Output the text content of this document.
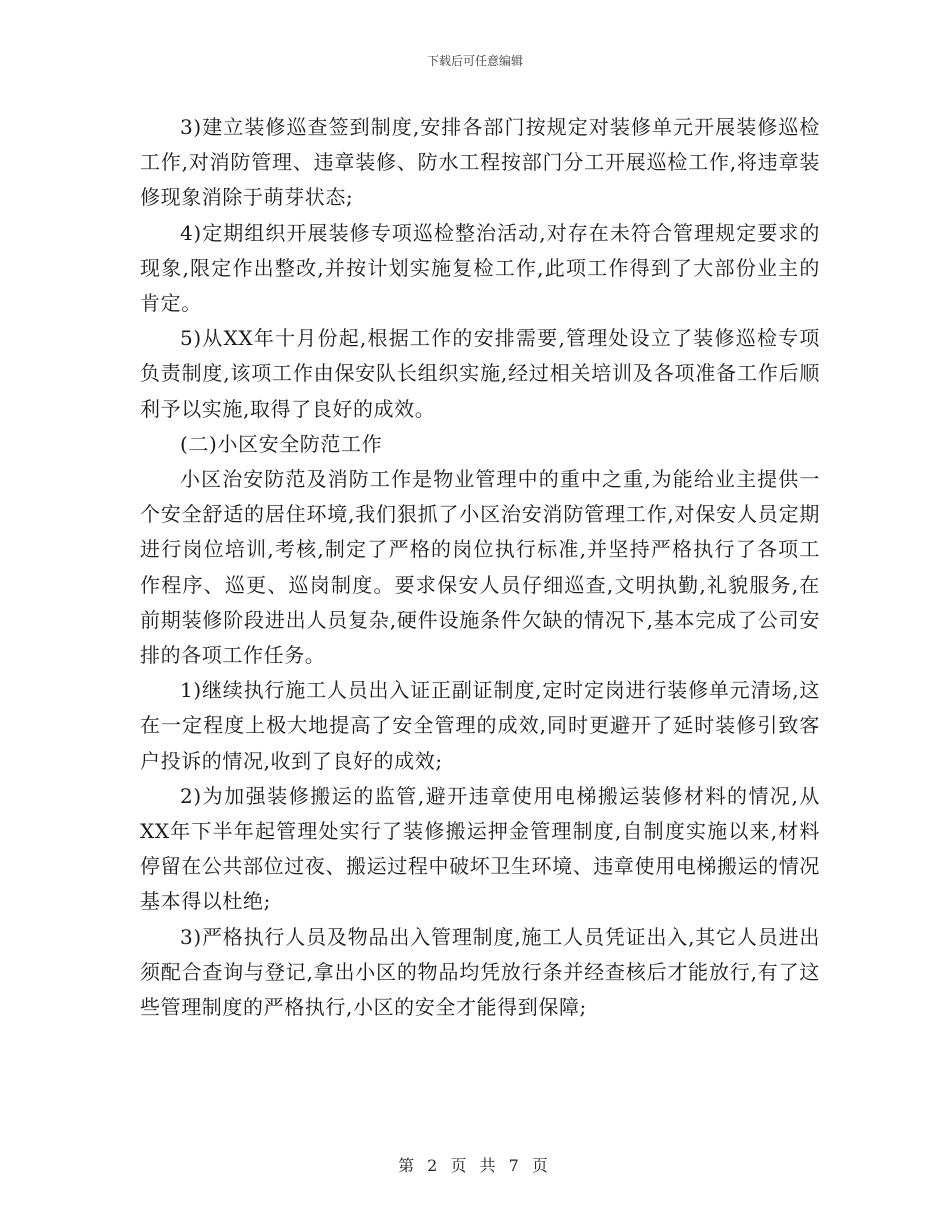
下载后可任意编辑

3)建立装修巡查签到制度,安排各部门按规定对装修单元开展装修巡检工作,对消防管理、违章装修、防水工程按部门分工开展巡检工作,将违章装修现象消除于萌芽状态;

4)定期组织开展装修专项巡检整治活动,对存在未符合管理规定要求的现象,限定作出整改,并按计划实施复检工作,此项工作得到了大部份业主的肯定。

5)从XX年十月份起,根据工作的安排需要,管理处设立了装修巡检专项负责制度,该项工作由保安队长组织实施,经过相关培训及各项准备工作后顺利予以实施,取得了良好的成效。

(二)小区安全防范工作

小区治安防范及消防工作是物业管理中的重中之重,为能给业主提供一个安全舒适的居住环境,我们狠抓了小区治安消防管理工作,对保安人员定期进行岗位培训,考核,制定了严格的岗位执行标准,并坚持严格执行了各项工作程序、巡更、巡岗制度。要求保安人员仔细巡查,文明执勤,礼貌服务,在前期装修阶段进出人员复杂,硬件设施条件欠缺的情况下,基本完成了公司安排的各项工作任务。

1)继续执行施工人员出入证正副证制度,定时定岗进行装修单元清场,这在一定程度上极大地提高了安全管理的成效,同时更避开了延时装修引致客户投诉的情况,收到了良好的成效;

2)为加强装修搬运的监管,避开违章使用电梯搬运装修材料的情况,从XX年下半年起管理处实行了装修搬运押金管理制度,自制度实施以来,材料停留在公共部位过夜、搬运过程中破坏卫生环境、违章使用电梯搬运的情况基本得以杜绝;

3)严格执行人员及物品出入管理制度,施工人员凭证出入,其它人员进出须配合查询与登记,拿出小区的物品均凭放行条并经查核后才能放行,有了这些管理制度的严格执行,小区的安全才能得到保障;

第 2 页 共 7 页
